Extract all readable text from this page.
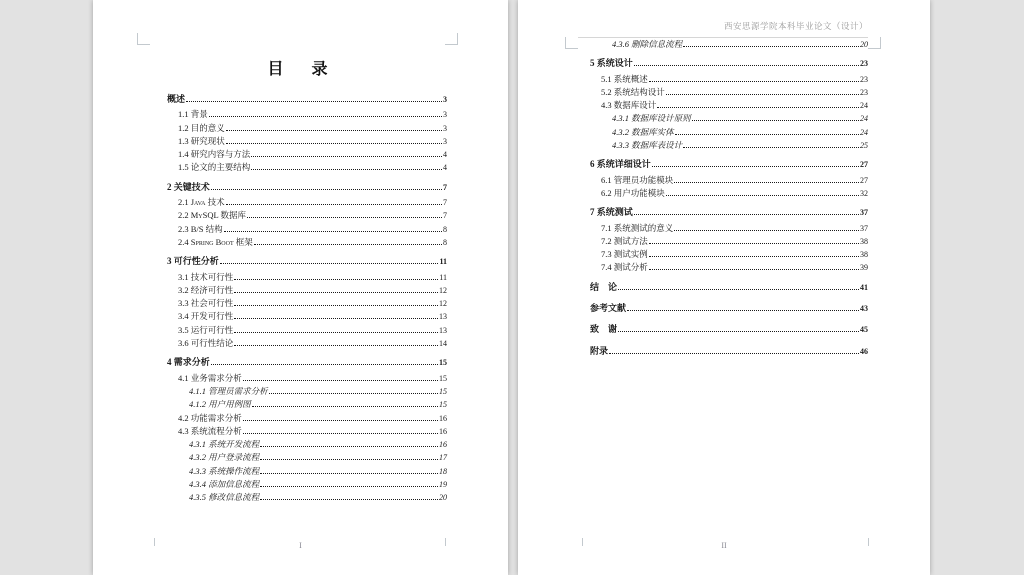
目　录
概述	3
1.1 背景	3
1.2 目的意义	3
1.3 研究现状	3
1.4 研究内容与方法	4
1.5 论文的主要结构	4
2 关键技术	7
2.1 Java 技术	7
2.2 MySQL 数据库	7
2.3 B/S 结构	8
2.4 Spring Boot 框架	8
3 可行性分析	11
3.1 技术可行性	11
3.2 经济可行性	12
3.3 社会可行性	12
3.4 开发可行性	13
3.5 运行可行性	13
3.6 可行性结论	14
4 需求分析	15
4.1 业务需求分析	15
4.1.1 管理员需求分析	15
4.1.2 用户用例图	15
4.2 功能需求分析	16
4.3 系统流程分析	16
4.3.1 系统开发流程	16
4.3.2 用户登录流程	17
4.3.3 系统操作流程	18
4.3.4 添加信息流程	19
4.3.5 修改信息流程	20
I
西安思源学院本科毕业论文（设计）
4.3.6 删除信息流程	20
5 系统设计	23
5.1 系统概述	23
5.2 系统结构设计	23
4.3 数据库设计	24
4.3.1 数据库设计原则	24
4.3.2 数据库实体	24
4.3.3 数据库表设计	25
6 系统详细设计	27
6.1 管理员功能模块	27
6.2 用户功能模块	32
7 系统测试	37
7.1 系统测试的意义	37
7.2 测试方法	38
7.3 测试实例	38
7.4 测试分析	39
结　论	41
参考文献	43
致　谢	45
附录	46
II
